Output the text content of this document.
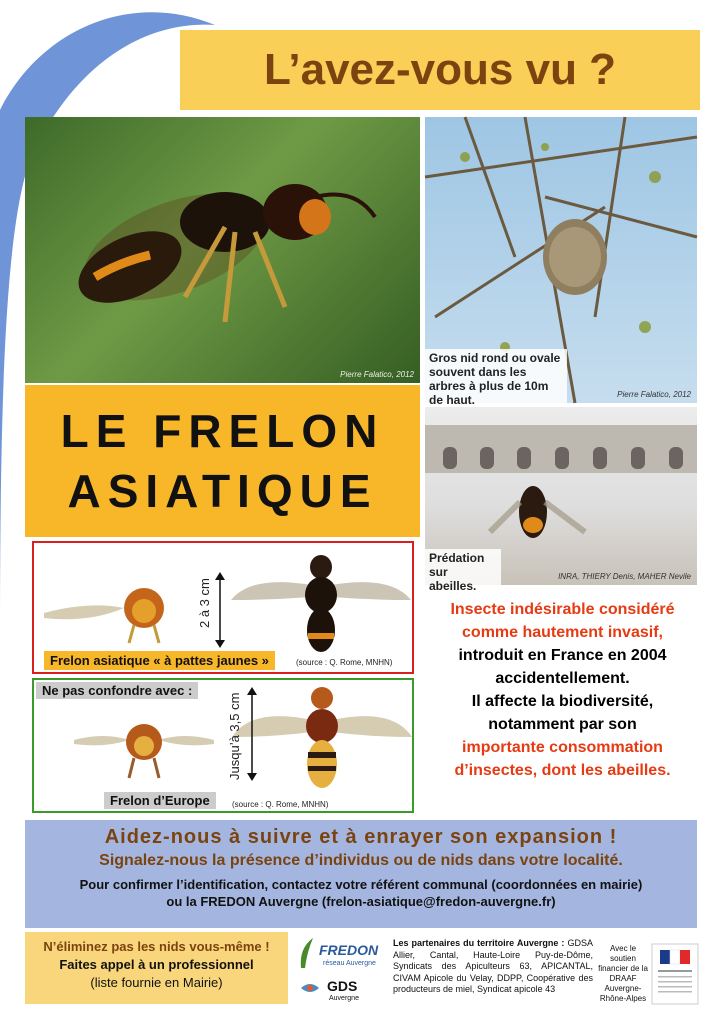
L’avez-vous vu ?
Pierre Falatico, 2012
Gros nid rond ou ovale souvent dans les arbres à plus de 10m de haut.	Pierre Falatico, 2012
LE FRELON
ASIATIQUE
Prédation sur abeilles.
INRA, THIERY Denis, MAHER Nevile
2 à 3 cm
Frelon asiatique « à pattes jaunes »	(source : Q. Rome, MNHN)
Ne pas confondre avec :
Jusqu’à 3,5 cm
Frelon d’Europe	(source : Q. Rome, MNHN)
Insecte indésirable considéré
comme hautement invasif,
introduit en France en 2004
accidentellement.
Il affecte la biodiversité,
notamment par son
importante consommation
d’insectes, dont les abeilles.
Aidez-nous à suivre et à enrayer son expansion !
Signalez-nous la présence d’individus ou de nids dans votre localité.
Pour confirmer l’identification, contactez votre référent communal (coordonnées en mairie)
ou la FREDON Auvergne (frelon-asiatique@fredon-auvergne.fr)
N’éliminez pas les nids vous-même !
Faites appel à un professionnel
(liste fournie en Mairie)
FREDON
réseau Auvergne
GDS
Auvergne
Les partenaires du territoire Auvergne : GDSA Allier, Cantal, Haute-Loire Puy-de-Dôme, Syndicats des Apiculteurs 63, APICANTAL, CIVAM Apicole du Velay, DDPP, Coopérative des producteurs de miel, Syndicat apicole 43
Avec le soutien financier de la DRAAF Auvergne-Rhône-Alpes
